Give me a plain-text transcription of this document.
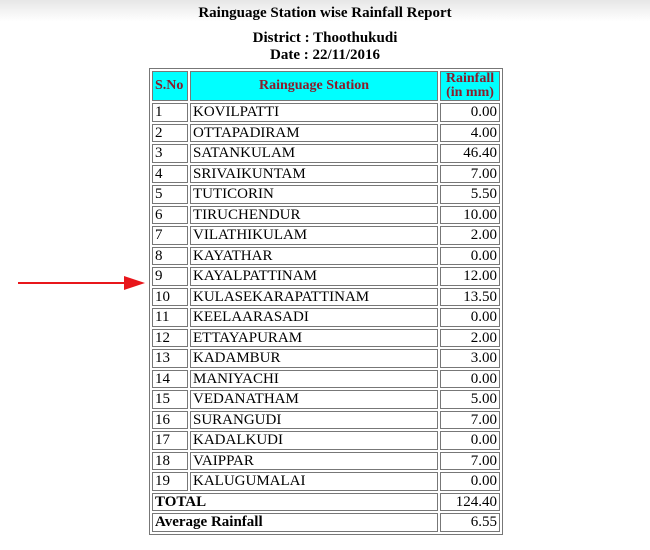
Rainguage Station wise Rainfall Report
District : Thoothukudi
Date : 22/11/2016
S.No	Rainguage Station	Rainfall
(in mm)
1	KOVILPATTI	0.00
2	OTTAPADIRAM	4.00
3	SATANKULAM	46.40
4	SRIVAIKUNTAM	7.00
5	TUTICORIN	5.50
6	TIRUCHENDUR	10.00
7	VILATHIKULAM	2.00
8	KAYATHAR	0.00
9	KAYALPATTINAM	12.00
10	KULASEKARAPATTINAM	13.50
11	KEELAARASADI	0.00
12	ETTAYAPURAM	2.00
13	KADAMBUR	3.00
14	MANIYACHI	0.00
15	VEDANATHAM	5.00
16	SURANGUDI	7.00
17	KADALKUDI	0.00
18	VAIPPAR	7.00
19	KALUGUMALAI	0.00
TOTAL		124.40
Average Rainfall		6.55
